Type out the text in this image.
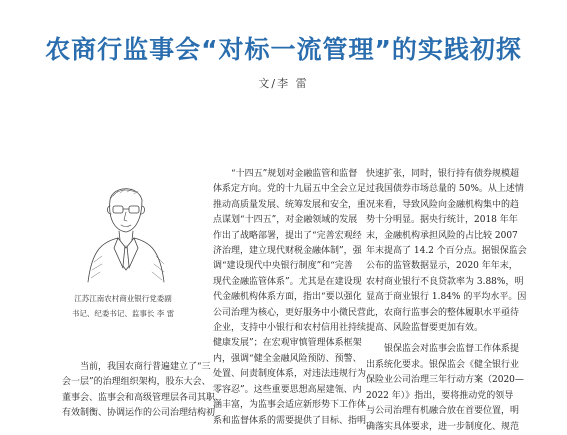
农商行监事会“对标一流管理”的实践初探
文/李 雷
江苏江南农村商业银行党委副
书记、纪委书记、监事长 李 雷

当前，我国农商行普遍建立了“三

会一层”的治理组织架构，股东大会、

董事会、监事会和高级管理层各司其职、

有效制衡、协调运作的公司治理结构初

“十四五”规划对金融监管和监督

体系定方向。党的十九届五中全会立足

推动高质量发展、统筹发展和安全，重

点谋划“十四五”，对金融领域的发展

作出了战略部署，提出了“完善宏观经

济治理，建立现代财税金融体制”，强

调“建设现代中央银行制度”和“完善

现代金融监管体系”。尤其是在建设现

代金融机构体系方面，指出“要以强化

公司治理为核心，更好服务中小微民营

企业，支持中小银行和农村信用社持续

健康发展”；在宏观审慎管理体系框架

内，强调“健全金融风险预防、预警、

处置、问责制度体系，对违法违规行为

零容忍”。这些重要思想高屋建瓴、内

涵丰富，为监事会适应新形势下工作体

系和监督体系的需要提供了目标、指明

快速扩张，同时，银行持有债券规模超

过我国债券市场总量的 50%。从上述情

况来看，导致风险向金融机构集中的趋

势十分明显。据央行统计，2018 年年

末，金融机构承担风险的占比较 2007

年末提高了 14.2 个百分点。据银保监会

公布的监管数据显示，2020 年年末，

农村商业银行不良贷款率为 3.88%，明

显高于商业银行 1.84% 的平均水平。因

此，农商行监事会的整体履职水平亟待

提高、风险监督要更加有效。

银保监会对监事会监督工作体系提

出系统化要求。银保监会《健全银行业

保险业公司治理三年行动方案（2020—

2022 年）》指出，要将推动党的领导

与公司治理有机融合放在首要位置，明

确落实具体要求，进一步制度化、规范
